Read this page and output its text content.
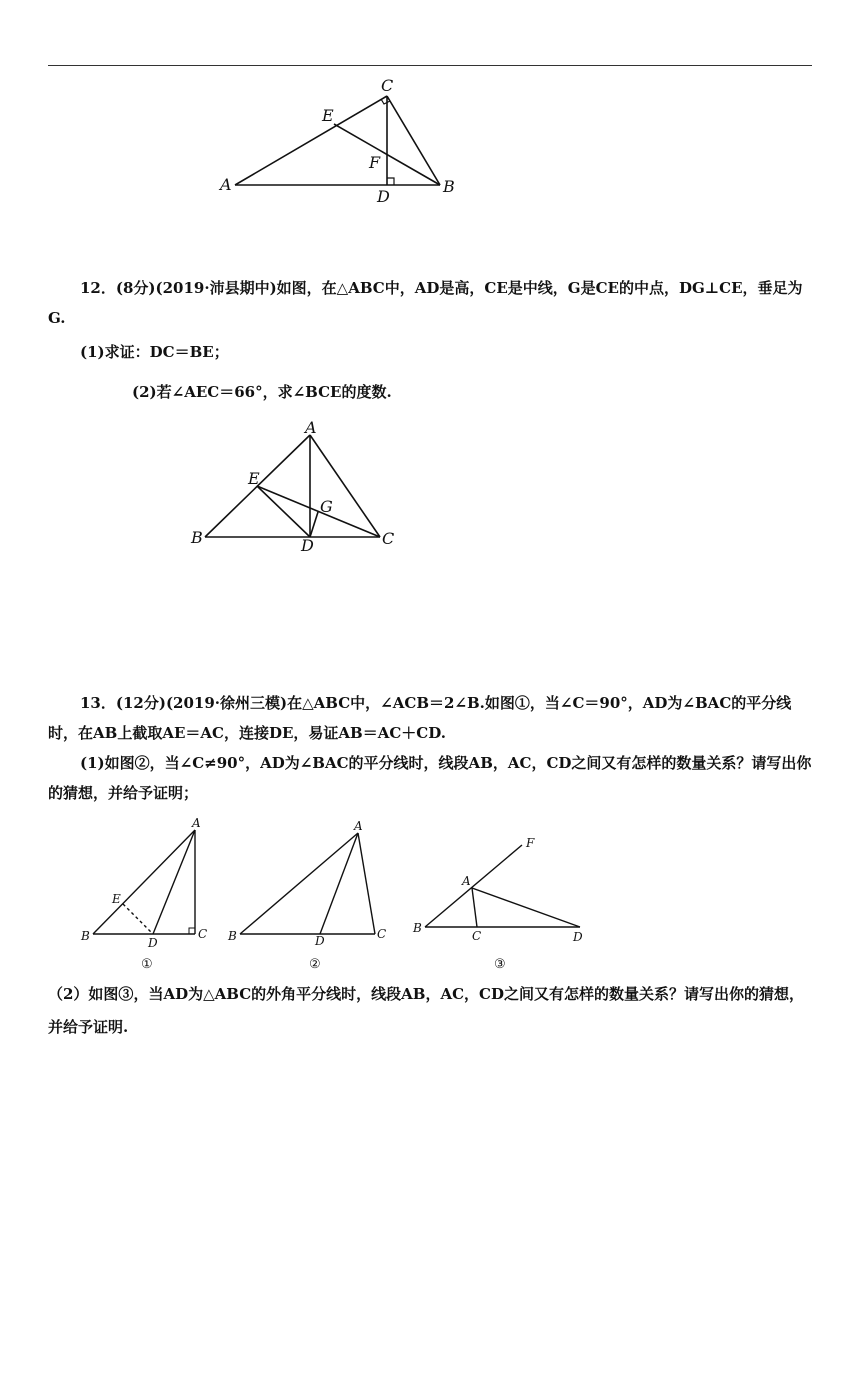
A	B
C
D
E
F

12．(8分)(2019·沛县期中)如图，在△ABC中，AD是高，CE是中线，G是CE的中点，DG⊥CE，垂足为G.

(1)求证：DC＝BE；

(2)若∠AEC＝66°，求∠BCE的度数.

A
B	C
D
E
G

13．(12分)(2019·徐州三模)在△ABC中，∠ACB＝2∠B.如图①，当∠C＝90°，AD为∠BAC的平分线时，在AB上截取AE＝AC，连接DE，易证AB＝AC＋CD.

(1)如图②，当∠C≠90°，AD为∠BAC的平分线时，线段AB，AC，CD之间又有怎样的数量关系？请写出你的猜想，并给予证明；

A
B	C
D
E
①
A
B	C
D
②
A
B
C	D
F
③

（2）如图③，当AD为△ABC的外角平分线时，线段AB，AC，CD之间又有怎样的数量关系？请写出你的猜想，并给予证明.
